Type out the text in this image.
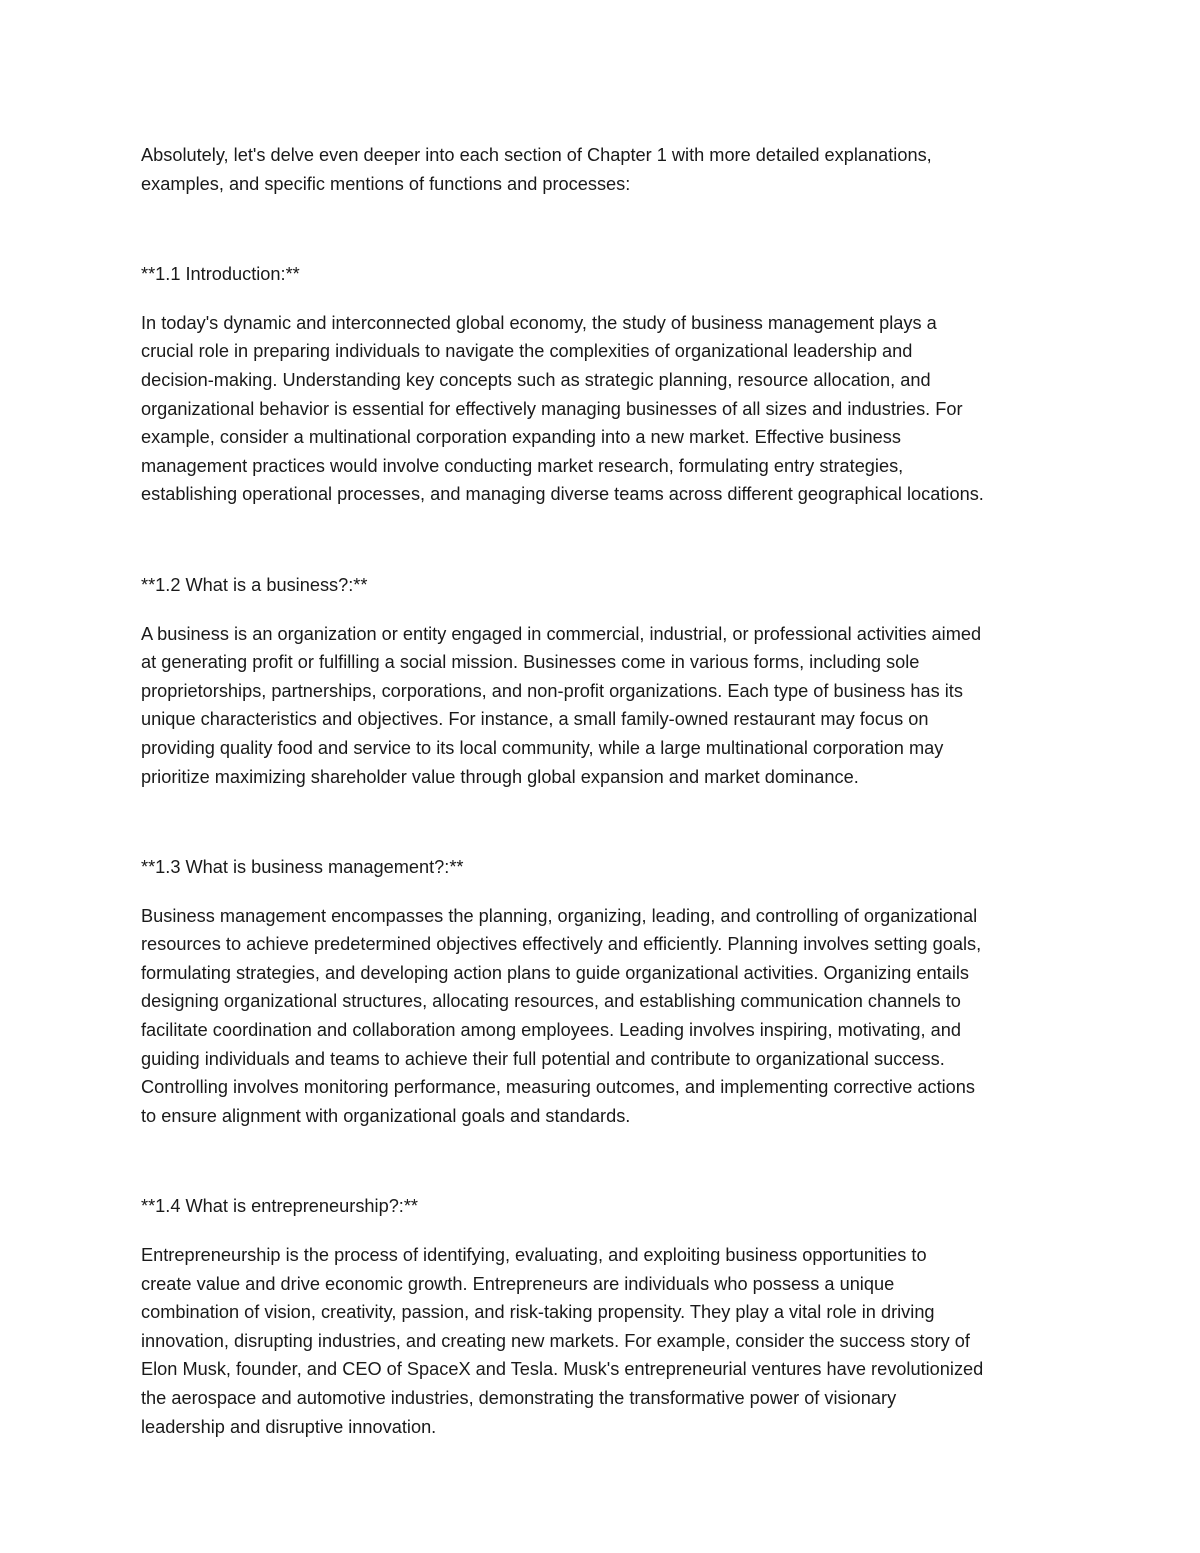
Absolutely, let's delve even deeper into each section of Chapter 1 with more detailed explanations,
examples, and specific mentions of functions and processes:

**1.1 Introduction:**

In today's dynamic and interconnected global economy, the study of business management plays a
crucial role in preparing individuals to navigate the complexities of organizational leadership and
decision-making. Understanding key concepts such as strategic planning, resource allocation, and
organizational behavior is essential for effectively managing businesses of all sizes and industries. For
example, consider a multinational corporation expanding into a new market. Effective business
management practices would involve conducting market research, formulating entry strategies,
establishing operational processes, and managing diverse teams across different geographical locations.

**1.2 What is a business?:**

A business is an organization or entity engaged in commercial, industrial, or professional activities aimed
at generating profit or fulfilling a social mission. Businesses come in various forms, including sole
proprietorships, partnerships, corporations, and non-profit organizations. Each type of business has its
unique characteristics and objectives. For instance, a small family-owned restaurant may focus on
providing quality food and service to its local community, while a large multinational corporation may
prioritize maximizing shareholder value through global expansion and market dominance.

**1.3 What is business management?:**

Business management encompasses the planning, organizing, leading, and controlling of organizational
resources to achieve predetermined objectives effectively and efficiently. Planning involves setting goals,
formulating strategies, and developing action plans to guide organizational activities. Organizing entails
designing organizational structures, allocating resources, and establishing communication channels to
facilitate coordination and collaboration among employees. Leading involves inspiring, motivating, and
guiding individuals and teams to achieve their full potential and contribute to organizational success.
Controlling involves monitoring performance, measuring outcomes, and implementing corrective actions
to ensure alignment with organizational goals and standards.

**1.4 What is entrepreneurship?:**

Entrepreneurship is the process of identifying, evaluating, and exploiting business opportunities to
create value and drive economic growth. Entrepreneurs are individuals who possess a unique
combination of vision, creativity, passion, and risk-taking propensity. They play a vital role in driving
innovation, disrupting industries, and creating new markets. For example, consider the success story of
Elon Musk, founder, and CEO of SpaceX and Tesla. Musk's entrepreneurial ventures have revolutionized
the aerospace and automotive industries, demonstrating the transformative power of visionary
leadership and disruptive innovation.
